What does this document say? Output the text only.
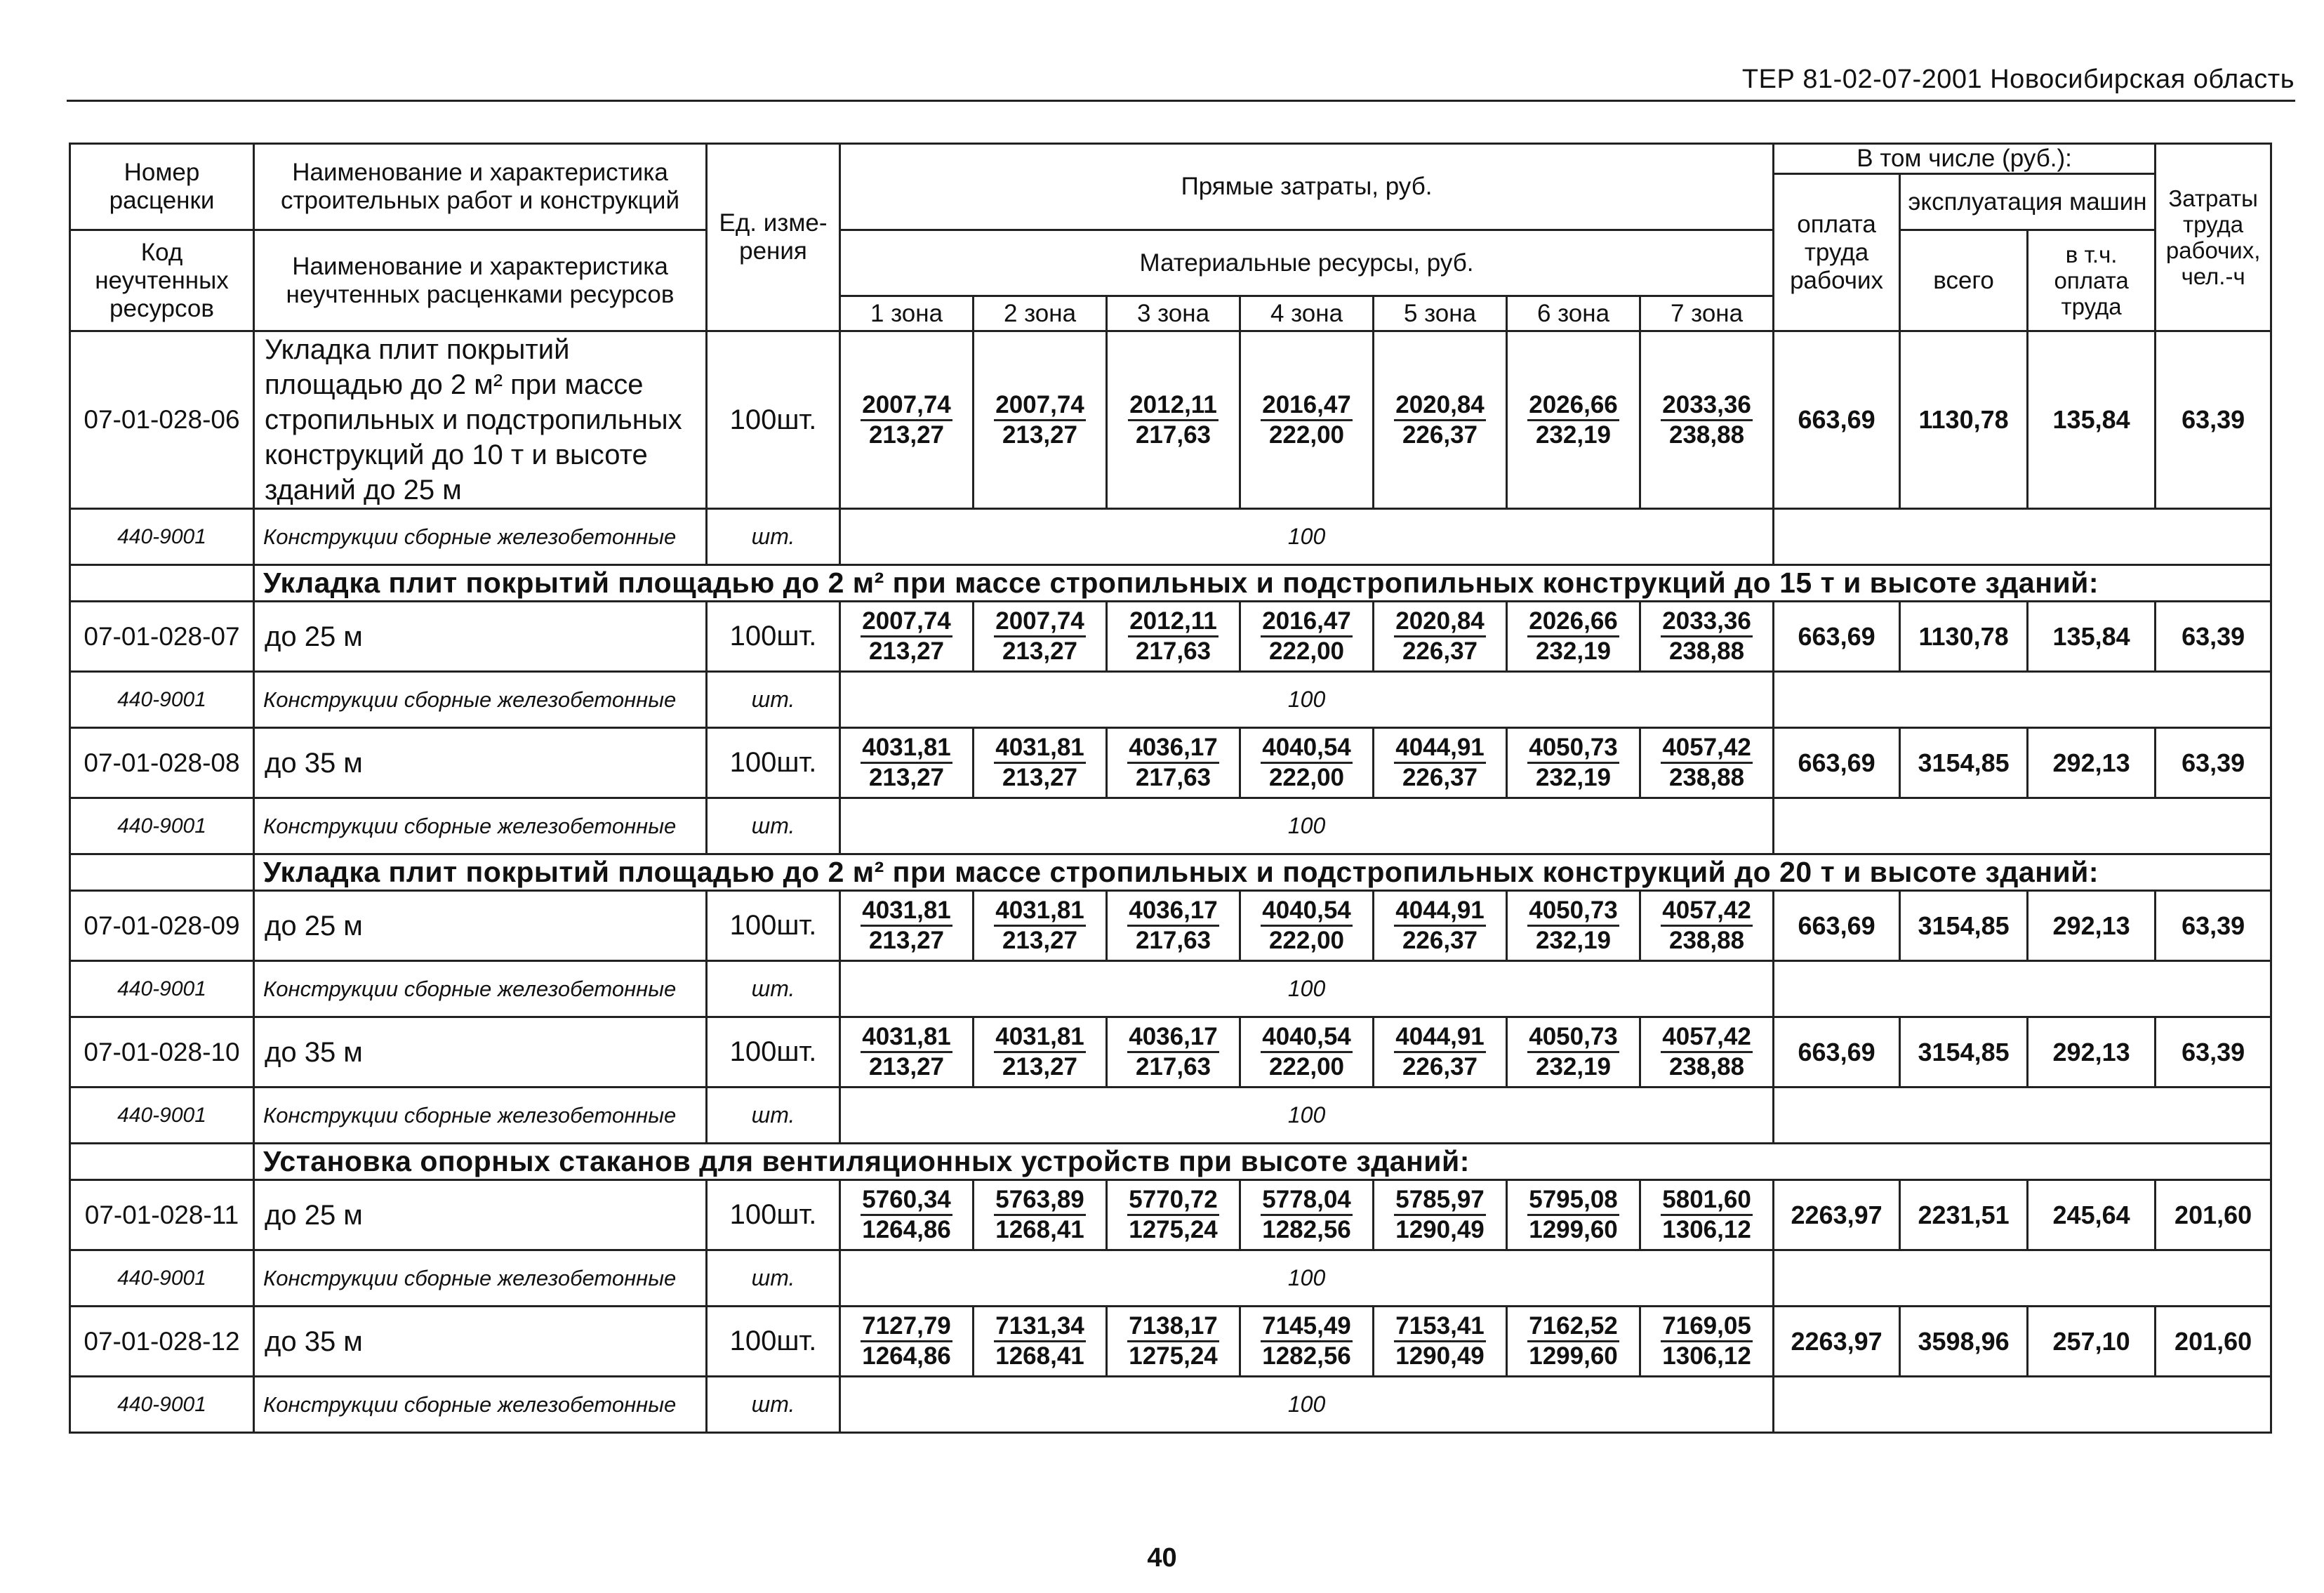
ТЕР 81-02-07-2001 Новосибирская область
Номер расценки	Наименование и характеристика строительных работ и конструкций	Ед. изме- рения	Прямые затраты, руб.							В том числе (руб.):			Затраты труда рабочих, чел.-ч
										оплата труда рабочих	эксплуатация машин		
Код неучтенных ресурсов	Наименование и характеристика неучтенных расценками ресурсов		Материальные ресурсы, руб.								всего	в т.ч. оплата труда	
			1 зона	2 зона	3 зона	4 зона	5 зона	6 зона	7 зона				
07-01-028-06	Укладка плит покрытий площадью до 2 м² при массе стропильных и подстропильных конструкций до 10 т и высоте зданий до 25 м	100шт.	$\frac{2007,74}{213,27}$	$\frac{2007,74}{213,27}$	$\frac{2012,11}{217,63}$	$\frac{2016,47}{222,00}$	$\frac{2020,84}{226,37}$	$\frac{2026,66}{232,19}$	$\frac{2033,36}{238,88}$	663,69	1130,78	135,84	63,39
440-9001	Конструкции сборные железобетонные	шт.	100										
	Укладка плит покрытий площадью до 2 м² при массе стропильных и подстропильных конструкций до 15 т и высоте зданий:												
07-01-028-07	до 25 м	100шт.	$\frac{2007,74}{213,27}$	$\frac{2007,74}{213,27}$	$\frac{2012,11}{217,63}$	$\frac{2016,47}{222,00}$	$\frac{2020,84}{226,37}$	$\frac{2026,66}{232,19}$	$\frac{2033,36}{238,88}$	663,69	1130,78	135,84	63,39
440-9001	Конструкции сборные железобетонные	шт.	100										
07-01-028-08	до 35 м	100шт.	$\frac{4031,81}{213,27}$	$\frac{4031,81}{213,27}$	$\frac{4036,17}{217,63}$	$\frac{4040,54}{222,00}$	$\frac{4044,91}{226,37}$	$\frac{4050,73}{232,19}$	$\frac{4057,42}{238,88}$	663,69	3154,85	292,13	63,39
440-9001	Конструкции сборные железобетонные	шт.	100										
	Укладка плит покрытий площадью до 2 м² при массе стропильных и подстропильных конструкций до 20 т и высоте зданий:												
07-01-028-09	до 25 м	100шт.	$\frac{4031,81}{213,27}$	$\frac{4031,81}{213,27}$	$\frac{4036,17}{217,63}$	$\frac{4040,54}{222,00}$	$\frac{4044,91}{226,37}$	$\frac{4050,73}{232,19}$	$\frac{4057,42}{238,88}$	663,69	3154,85	292,13	63,39
440-9001	Конструкции сборные железобетонные	шт.	100										
07-01-028-10	до 35 м	100шт.	$\frac{4031,81}{213,27}$	$\frac{4031,81}{213,27}$	$\frac{4036,17}{217,63}$	$\frac{4040,54}{222,00}$	$\frac{4044,91}{226,37}$	$\frac{4050,73}{232,19}$	$\frac{4057,42}{238,88}$	663,69	3154,85	292,13	63,39
440-9001	Конструкции сборные железобетонные	шт.	100										
	Установка опорных стаканов для вентиляционных устройств при высоте зданий:												
07-01-028-11	до 25 м	100шт.	$\frac{5760,34}{1264,86}$	$\frac{5763,89}{1268,41}$	$\frac{5770,72}{1275,24}$	$\frac{5778,04}{1282,56}$	$\frac{5785,97}{1290,49}$	$\frac{5795,08}{1299,60}$	$\frac{5801,60}{1306,12}$	2263,97	2231,51	245,64	201,60
440-9001	Конструкции сборные железобетонные	шт.	100										
07-01-028-12	до 35 м	100шт.	$\frac{7127,79}{1264,86}$	$\frac{7131,34}{1268,41}$	$\frac{7138,17}{1275,24}$	$\frac{7145,49}{1282,56}$	$\frac{7153,41}{1290,49}$	$\frac{7162,52}{1299,60}$	$\frac{7169,05}{1306,12}$	2263,97	3598,96	257,10	201,60
440-9001	Конструкции сборные железобетонные	шт.	100										
40
